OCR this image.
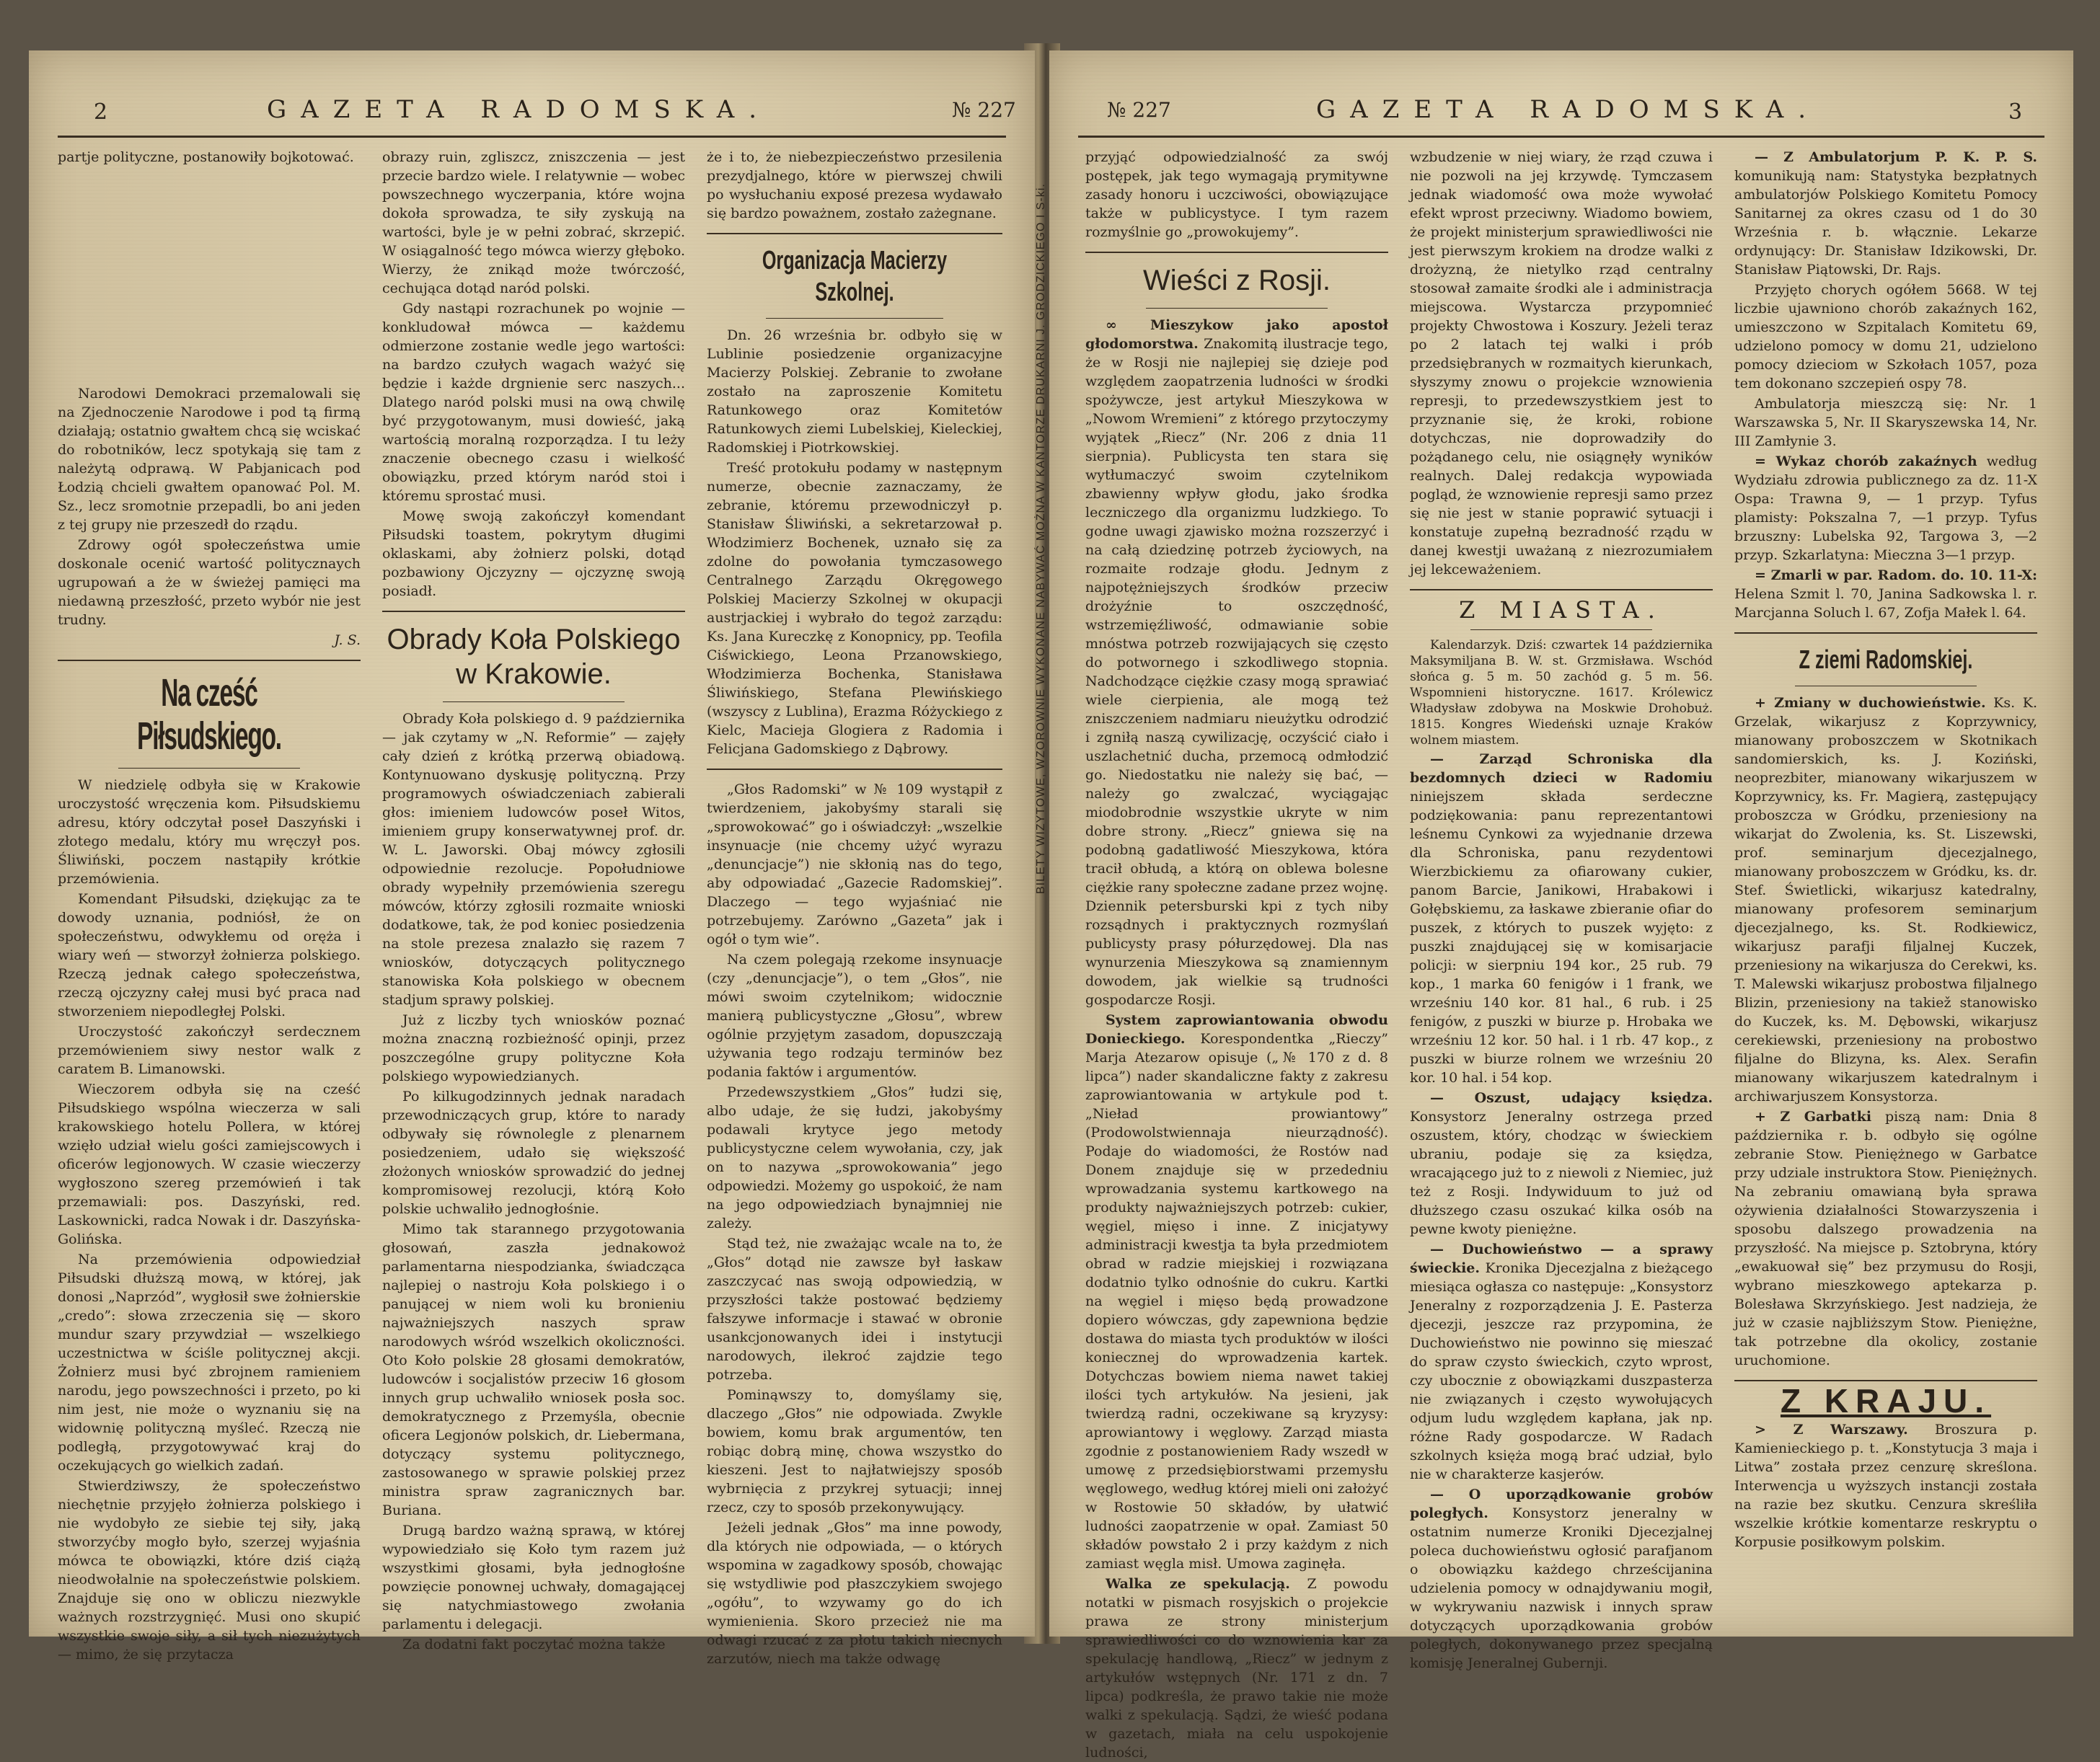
2	GAZETA RADOMSKA.	№ 227

partje polityczne, postanowiły bojkotować.

Narodowi Demokraci przemalowali się na Zjednoczenie Narodowe i pod tą firmą działają; ostatnio gwałtem chcą się wciskać do robotników, lecz spotykają się tam z należytą odprawą. W Pabjanicach pod Łodzią chcieli gwałtem opanować Pol. M. Sz., lecz sromotnie przepadli, bo ani jeden z tej grupy nie przeszedł do rządu.

Zdrowy ogół społeczeństwa umie doskonale ocenić wartość politycznaych ugrupowań a że w świeżej pamięci ma niedawną przeszłość, przeto wybór nie jest trudny.

J. S.
Na cześć Piłsudskiego.

W niedzielę odbyła się w Krakowie uroczystość wręczenia kom. Piłsudskiemu adresu, który odczytał poseł Daszyński i złotego medalu, który mu wręczył pos. Śliwiński, poczem nastąpiły krótkie przemówienia.

Komendant Piłsudski, dziękując za te dowody uznania, podniósł, że on społeczeństwu, odwykłemu od oręża i wiary weń — stworzył żołnierza polskiego. Rzeczą jednak całego społeczeństwa, rzeczą ojczyzny całej musi być praca nad stworzeniem niepodległej Polski.

Uroczystość zakończył serdecznem przemówieniem siwy nestor walk z caratem B. Limanowski.

Wieczorem odbyła się na cześć Piłsudskiego wspólna wieczerza w sali krakowskiego hotelu Pollera, w której wzięło udział wielu gości zamiejscowych i oficerów legjonowych. W czasie wieczerzy wygłoszono szereg przemówień i tak przemawiali: pos. Daszyński, red. Laskownicki, radca Nowak i dr. Daszyńska-Golińska.

Na przemówienia odpowiedział Piłsudski dłuższą mową, w której, jak donosi „Naprzód”, wygłosił swe żołnierskie „credo”: słowa zrzeczenia się — skoro mundur szary przywdział — wszelkiego uczestnictwa w ściśle politycznej akcji. Żołnierz musi być zbrojnem ramieniem narodu, jego powszechności i przeto, po ki nim jest, nie może o wyznaniu się na widownię polityczną myśleć. Rzeczą nie podległą, przygotowywać kraj do oczekujących go wielkich zadań.

Stwierdziwszy, że społeczeństwo niechętnie przyjęło żołnierza polskiego i nie wydobyło ze siebie tej siły, jaką stworzyćby mogło było, szerzej wyjaśnia mówca te obowiązki, które dziś ciążą nieodwołalnie na społeczeństwie polskiem. Znajduje się ono w obliczu niezwykle ważnych rozstrzygnięć. Musi ono skupić wszystkie swoje siły, a sił tych niezużytych — mimo, że się przytacza

obrazy ruin, zgliszcz, zniszczenia — jest przecie bardzo wiele. I relatywnie — wobec powszechnego wyczerpania, które wojna dokoła sprowadza, te siły zyskują na wartości, byle je w pełni zobrać, skrzepić. W osiągalność tego mówca wierzy głęboko. Wierzy, że znikąd może twórczość, cechująca dotąd naród polski.

Gdy nastąpi rozrachunek po wojnie — konkludował mówca — każdemu odmierzone zostanie wedle jego wartości: na bardzo czułych wagach ważyć się będzie i każde drgnienie serc naszych... Dlatego naród polski musi na ową chwilę być przygotowanym, musi dowieść, jaką wartością moralną rozporządza. I tu leży znaczenie obecnego czasu i wielkość obowiązku, przed którym naród stoi i któremu sprostać musi.

Mowę swoją zakończył komendant Piłsudski toastem, pokrytym długimi oklaskami, aby żołnierz polski, dotąd pozbawiony Ojczyzny — ojczyznę swoją posiadł.

Obrady Koła Polskiego w Krakowie.

Obrady Koła polskiego d. 9 października — jak czytamy w „N. Reformie” — zajęły cały dzień z krótką przerwą obiadową. Kontynuowano dyskusję polityczną. Przy programowych oświadczeniach zabierali głos: imieniem ludowców poseł Witos, imieniem grupy konserwatywnej prof. dr. W. L. Jaworski. Obaj mówcy zgłosili odpowiednie rezolucje. Popołudniowe obrady wypełniły przemówienia szeregu mówców, którzy zgłosili rozmaite wnioski dodatkowe, tak, że pod koniec posiedzenia na stole prezesa znalazło się razem 7 wniosków, dotyczących politycznego stanowiska Koła polskiego w obecnem stadjum sprawy polskiej.

Już z liczby tych wniosków poznać można znaczną rozbieżność opinji, przez poszczególne grupy polityczne Koła polskiego wypowiedzianych.

Po kilkugodzinnych jednak naradach przewodniczących grup, które to narady odbywały się równolegle z plenarnem posiedzeniem, udało się większość złożonych wniosków sprowadzić do jednej kompromisowej rezolucji, którą Koło polskie uchwaliło jednogłośnie.

Mimo tak starannego przygotowania głosowań, zaszła jednakowoż parlamentarna niespodzianka, świadcząca najlepiej o nastroju Koła polskiego i o panującej w niem woli ku bronieniu najważniejszych naszych spraw narodowych wśród wszelkich okoliczności. Oto Koło polskie 28 głosami demokratów, ludowców i socjalistów przeciw 16 głosom innych grup uchwaliło wniosek posła soc. demokratycznego z Przemyśla, obecnie oficera Legjonów polskich, dr. Liebermana, dotyczący systemu politycznego, zastosowanego w sprawie polskiej przez ministra spraw zagranicznych bar. Buriana.

Drugą bardzo ważną sprawą, w której wypowiedziało się Koło tym razem już wszystkimi głosami, była jednogłośne powzięcie ponownej uchwały, domagającej się natychmiastowego zwołania parlamentu i delegacji.

Za dodatni fakt poczytać można także

że i to, że niebezpieczeństwo przesilenia prezydjalnego, które w pierwszej chwili po wysłuchaniu exposé prezesa wydawało się bardzo poważnem, zostało zażegnane.

Organizacja Macierzy Szkolnej.

Dn. 26 września br. odbyło się w Lublinie posiedzenie organizacyjne Macierzy Polskiej. Zebranie to zwołane zostało na zaproszenie Komitetu Ratunkowego oraz Komitetów Ratunkowych ziemi Lubelskiej, Kieleckiej, Radomskiej i Piotrkowskiej.

Treść protokułu podamy w następnym numerze, obecnie zaznaczamy, że zebranie, któremu przewodniczył p. Stanisław Śliwiński, a sekretarzował p. Włodzimierz Bochenek, uznało się za zdolne do powołania tymczasowego Centralnego Zarządu Okręgowego Polskiej Macierzy Szkolnej w okupacji austrjackiej i wybrało do tegoż zarządu: Ks. Jana Kureczkę z Konopnicy, pp. Teofila Ciświckiego, Leona Przanowskiego, Włodzimierza Bochenka, Stanisława Śliwińskiego, Stefana Plewińskiego (wszyscy z Lublina), Erazma Różyckiego z Kielc, Macieja Glogiera z Radomia i Felicjana Gadomskiego z Dąbrowy.

„Głos Radomski” w № 109 wystąpił z twierdzeniem, jakobyśmy starali się „sprowokować” go i oświadczył: „wszelkie insynuacje (nie chcemy użyć wyrazu „denuncjacje”) nie skłonią nas do tego, aby odpowiadać „Gazecie Radomskiej”. Dlaczego — tego wyjaśniać nie potrzebujemy. Zarówno „Gazeta” jak i ogół o tym wie”.

Na czem polegają rzekome insynuacje (czy „denuncjacje”), o tem „Głos”, nie mówi swoim czytelnikom; widocznie manierą publicystyczne „Głosu”, wbrew ogólnie przyjętym zasadom, dopuszczają używania tego rodzaju terminów bez podania faktów i argumentów.

Przedewszystkiem „Głos” łudzi się, albo udaje, że się łudzi, jakobyśmy podawali krytyce jego metody publicystyczne celem wywołania, czy, jak on to nazywa „sprowokowania” jego odpowiedzi. Możemy go uspokoić, że nam na jego odpowiedziach bynajmniej nie zależy.

Stąd też, nie zważając wcale na to, że „Głos” dotąd nie zawsze był łaskaw zaszczycać nas swoją odpowiedzią, w przyszłości także postować będziemy fałszywe informacje i stawać w obronie usankcjonowanych idei i instytucji narodowych, ilekroć zajdzie tego potrzeba.

Pominąwszy to, domyślamy się, dlaczego „Głos” nie odpowiada. Zwykle bowiem, komu brak argumentów, ten robiąc dobrą minę, chowa wszystko do kieszeni. Jest to najłatwiejszy sposób wybrnięcia z przykrej sytuacji; innej rzecz, czy to sposób przekonywujący.

Jeżeli jednak „Głos” ma inne powody, dla których nie odpowiada, — o których wspomina w zagadkowy sposób, chowając się wstydliwie pod płaszczykiem swojego „ogółu”, to wzywamy go do ich wymienienia. Skoro przecież nie ma odwagi rzucać z za płotu takich niecnych zarzutów, niech ma także odwagę

BILETY WIZYTOWE, WZOROWNIE WYKONANE NABYWAĆ MOŻNA W KANTORZE DRUKARNI J. GRODZICKIEGO I S-ki.
№ 227	GAZETA RADOMSKA.	3

przyjąć odpowiedzialność za swój postępek, jak tego wymagają prymitywne zasady honoru i uczciwości, obowiązujące także w publicystyce. I tym razem rozmyślnie go „prowokujemy”.

Wieści z Rosji.

∞ Mieszykow jako apostoł głodomorstwa. Znakomitą ilustracje tego, że w Rosji nie najlepiej się dzieje pod względem zaopatrzenia ludności w środki spożywcze, jest artykuł Mieszykowa w „Nowom Wremieni” z którego przytoczymy wyjątek „Riecz” (Nr. 206 z dnia 11 sierpnia). Publicysta ten stara się wytłumaczyć swoim czytelnikom zbawienny wpływ głodu, jako środka leczniczego dla organizmu ludzkiego. To godne uwagi zjawisko można rozszerzyć i na całą dziedzinę potrzeb życiowych, na rozmaite rodzaje głodu. Jednym z najpotężniejszych środków przeciw drożyźnie to oszczędność, wstrzemięźliwość, odmawianie sobie mnóstwa potrzeb rozwijających się często do potwornego i szkodliwego stopnia. Nadchodzące ciężkie czasy mogą sprawiać wiele cierpienia, ale mogą też zniszczeniem nadmiaru nieużytku odrodzić i zgniłą naszą cywilizację, oczyścić ciało i uszlachetnić ducha, przemocą odmłodzić go. Niedostatku nie należy się bać, — należy go zwalczać, wyciągając miodobrodnie wszystkie ukryte w nim dobre strony. „Riecz” gniewa się na podobną gadatliwość Mieszykowa, która tracił obłudą, a którą on oblewa bolesne ciężkie rany społeczne zadane przez wojnę. Dziennik petersburski kpi z tych niby rozsądnych i praktycznych rozmyślań publicysty prasy półurzędowej. Dla nas wynurzenia Mieszykowa są znamiennym dowodem, jak wielkie są trudności gospodarcze Rosji.

System zaprowiantowania obwodu Donieckiego. Korespondentka „Rieczy” Marja Atezarow opisuje („№ 170 z d. 8 lipca”) nader skandaliczne fakty z zakresu zaprowiantowania w artykule pod t. „Nieład prowiantowy” (Prodowolstwiennaja nieurządność). Podaje do wiadomości, że Rostów nad Donem znajduje się w przededniu wprowadzania systemu kartkowego na produkty najważniejszych potrzeb: cukier, węgiel, mięso i inne. Z inicjatywy administracji kwestja ta była przedmiotem obrad w radzie miejskiej i rozwiązana dodatnio tylko odnośnie do cukru. Kartki na węgiel i mięso będą prowadzone dopiero wówczas, gdy zapewniona będzie dostawa do miasta tych produktów w ilości koniecznej do wprowadzenia kartek. Dotychczas bowiem niema nawet takiej ilości tych artykułów. Na jesieni, jak twierdzą radni, oczekiwane są kryzysy: aprowiantowy i węglowy. Zarząd miasta zgodnie z postanowieniem Rady wszedł w umowę z przedsiębiorstwami przemysłu węglowego, według której mieli oni założyć w Rostowie 50 składów, by ułatwić ludności zaopatrzenie w opał. Zamiast 50 składów powstało 2 i przy każdym z nich zamiast węgla misł. Umowa zaginęła.

Walka ze spekulacją. Z powodu notatki w pismach rosyjskich o projekcie prawa ze strony ministerjum sprawiedliwości co do wznowienia kar za spekulację handlową, „Riecz” w jednym z artykułów wstępnych (Nr. 171 z dn. 7 lipca) podkreśla, że prawo takie nie może walki z spekulacją. Sądzi, że wieść podana w gazetach, miała na celu uspokojenie ludności,

wzbudzenie w niej wiary, że rząd czuwa i nie pozwoli na jej krzywdę. Tymczasem jednak wiadomość owa może wywołać efekt wprost przeciwny. Wiadomo bowiem, że projekt ministerjum sprawiedliwości nie jest pierwszym krokiem na drodze walki z drożyzną, że nietylko rząd centralny stosował zamaite środki ale i administracja miejscowa. Wystarcza przypomnieć projekty Chwostowa i Koszury. Jeżeli teraz po 2 latach tej walki i prób przedsiębranych w rozmaitych kierunkach, słyszymy znowu o projekcie wznowienia represji, to przedewszystkiem jest to przyznanie się, że kroki, robione dotychczas, nie doprowadziły do pożądanego celu, nie osiągnęły wyników realnych. Dalej redakcja wypowiada pogląd, że wznowienie represji samo przez się nie jest w stanie poprawić sytuacji i konstatuje zupełną bezradność rządu w danej kwestji uważaną z niezrozumiałem jej lekceważeniem.

Z MIASTA.

Kalendarzyk. Dziś: czwartek 14 października Maksymiljana B. W. st. Grzmisława. Wschód słońca g. 5 m. 50 zachód g. 5 m. 56. Wspomnieni historyczne. 1617. Królewicz Władysław zdobywa na Moskwie Drohobuż. 1815. Kongres Wiedeński uznaje Kraków wolnem miastem.

— Zarząd Schroniska dla bezdomnych dzieci w Radomiu niniejszem składa serdeczne podziękowania: panu reprezentantowi leśnemu Cynkowi za wyjednanie drzewa dla Schroniska, panu rezydentowi Wierzbickiemu za ofiarowany cukier, panom Barcie, Janikowi, Hrabakowi i Gołębskiemu, za łaskawe zbieranie ofiar do puszek, z których to puszek wyjęto: z puszki znajdującej się w komisarjacie policji: w sierpniu 194 kor., 25 rub. 79 kop., 1 marka 60 fenigów i 1 frank, we wrześniu 140 kor. 81 hal., 6 rub. i 25 fenigów, z puszki w biurze p. Hrobaka we wrześniu 12 kor. 50 hal. i 1 rb. 47 kop., z puszki w biurze rolnem we wrześniu 20 kor. 10 hal. i 54 kop.

— Oszust, udający księdza. Konsystorz Jeneralny ostrzega przed oszustem, który, chodząc w świeckiem ubraniu, podaje się za księdza, wracającego już to z niewoli z Niemiec, już też z Rosji. Indywiduum to już od dłuższego czasu oszukać kilka osób na pewne kwoty pieniężne.

— Duchowieństwo — a sprawy świeckie. Kronika Djecezjalna z bieżącego miesiąca ogłasza co następuje: „Konsystorz Jeneralny z rozporządzenia J. E. Pasterza djecezji, jeszcze raz przypomina, że Duchowieństwo nie powinno się mieszać do spraw czysto świeckich, czyto wprost, czy ubocznie z obowiązkami duszpasterza nie związanych i często wywołujących odjum ludu względem kapłana, jak np. różne Rady gospodarcze. W Radach szkolnych księża mogą brać udział, bylo nie w charakterze kasjerów.

— O uporządkowanie grobów poległych. Konsystorz jeneralny w ostatnim numerze Kroniki Djecezjalnej poleca duchowieństwu ogłosić parafjanom o obowiązku każdego chrześcijanina udzielenia pomocy w odnajdywaniu mogił, w wykrywaniu nazwisk i innych spraw dotyczących uporządkowania grobów poległych, dokonywanego przez specjalną komisję Jeneralnej Gubernji.

— Z Ambulatorjum P. K. P. S. komunikują nam: Statystyka bezpłatnych ambulatorjów Polskiego Komitetu Pomocy Sanitarnej za okres czasu od 1 do 30 Września r. b. włącznie. Lekarze ordynujący: Dr. Stanisław Idzikowski, Dr. Stanisław Piątowski, Dr. Rajs.

Przyjęto chorych ogółem 5668. W tej liczbie ujawniono chorób zakaźnych 162, umieszczono w Szpitalach Komitetu 69, udzielono pomocy w domu 21, udzielono pomocy dzieciom w Szkołach 1057, poza tem dokonano szczepień ospy 78.

Ambulatorja mieszczą się: Nr. 1 Warszawska 5, Nr. II Skaryszewska 14, Nr. III Zamłynie 3.

= Wykaz chorób zakaźnych według Wydziału zdrowia publicznego za dz. 11-X Ospa: Trawna 9, — 1 przyp. Tyfus plamisty: Pokszalna 7, —1 przyp. Tyfus brzuszny: Lubelska 92, Targowa 3, —2 przyp. Szkarlatyna: Mieczna 3—1 przyp.

= Zmarli w par. Radom. do. 10. 11-X: Helena Szmit l. 70, Janina Sadkowska l. r. Marcjanna Soluch l. 67, Zofja Małek l. 64.

Z ziemi Radomskiej.

+ Zmiany w duchowieństwie. Ks. K. Grzelak, wikarjusz z Koprzywnicy, mianowany proboszczem w Skotnikach sandomierskich, ks. J. Koziński, neoprezbiter, mianowany wikarjuszem w Koprzywnicy, ks. Fr. Magierą, zastępujący proboszcza w Gródku, przeniesiony na wikarjat do Zwolenia, ks. St. Liszewski, prof. seminarjum djecezjalnego, mianowany proboszczem w Gródku, ks. dr. Stef. Świetlicki, wikarjusz katedralny, mianowany profesorem seminarjum djecezjalnego, ks. St. Rodkiewicz, wikarjusz parafji filjalnej Kuczek, przeniesiony na wikarjusza do Cerekwi, ks. T. Malewski wikarjusz probostwa filjalnego Blizin, przeniesiony na takiež stanowisko do Kuczek, ks. M. Dębowski, wikarjusz cerekiewski, przeniesiony na probostwo filjalne do Blizyna, ks. Alex. Serafin mianowany wikarjuszem katedralnym i archiwarjuszem Konsystorza.

+ Z Garbatki piszą nam: Dnia 8 października r. b. odbyło się ogólne zebranie Stow. Pieniężnego w Garbatce przy udziale instruktora Stow. Pieniężnych. Na zebraniu omawianą była sprawa ożywienia działalności Stowarzyszenia i sposobu dalszego prowadzenia na przyszłość. Na miejsce p. Sztobryna, który „ewakuował się” bez przymusu do Rosji, wybrano mieszkowego aptekarza p. Bolesława Skrzyńskiego. Jest nadzieja, że już w czasie najbliższym Stow. Pieniężne, tak potrzebne dla okolicy, zostanie uruchomione.

Z KRAJU.

> Z Warszawy. Broszura p. Kamienieckiego p. t. „Konstytucja 3 maja i Litwa” została przez cenzurę skreślona. Interwencja u wyższych instancji została na razie bez skutku. Cenzura skreśliła wszelkie krótkie komentarze reskryptu o Korpusie posiłkowym polskim.
